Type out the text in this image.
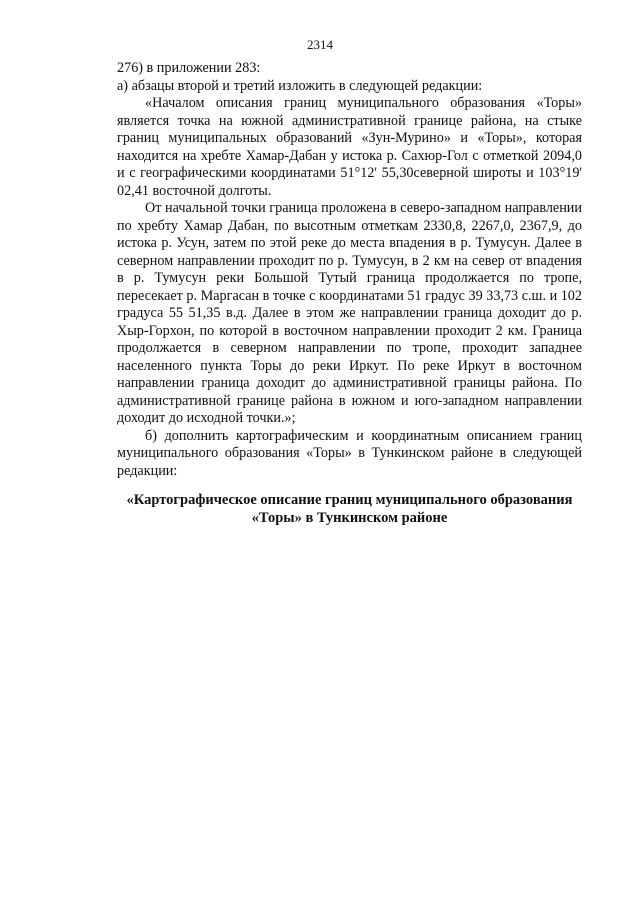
2314

276) в приложении 283:

а) абзацы второй и третий изложить в следующей редакции:

«Началом описания границ муниципального образования «Торы» является точка на южной административной границе района, на стыке границ муниципальных образований «Зун-Мурино» и «Торы», которая находится на хребте Хамар-Дабан у истока р. Сахюр-Гол с отметкой 2094,0 и с географическими координатами 51°12' 55,30северной широты и 103°19' 02,41 восточной долготы.

От начальной точки граница проложена в северо-западном направлении по хребту Хамар Дабан, по высотным отметкам 2330,8, 2267,0, 2367,9, до истока р. Усун, затем по этой реке до места впадения в р. Тумусун. Далее в северном направлении проходит по р. Тумусун, в 2 км на север от впадения в р. Тумусун реки Большой Тутый граница продолжается по тропе, пересекает р. Маргасан в точке с координатами 51 градус 39 33,73 с.ш. и 102 градуса 55 51,35 в.д. Далее в этом же направлении граница доходит до р. Хыр-Горхон, по которой в восточном направлении проходит 2 км. Граница продолжается в северном направлении по тропе, проходит западнее населенного пункта Торы до реки Иркут. По реке Иркут в восточном направлении граница доходит до административной границы района. По административной границе района в южном и юго-западном направлении доходит до исходной точки.»;

б) дополнить картографическим и координатным описанием границ муниципального образования «Торы» в Тункинском районе в следующей редакции:

«Картографическое описание границ муниципального образования
«Торы» в Тункинском районе
